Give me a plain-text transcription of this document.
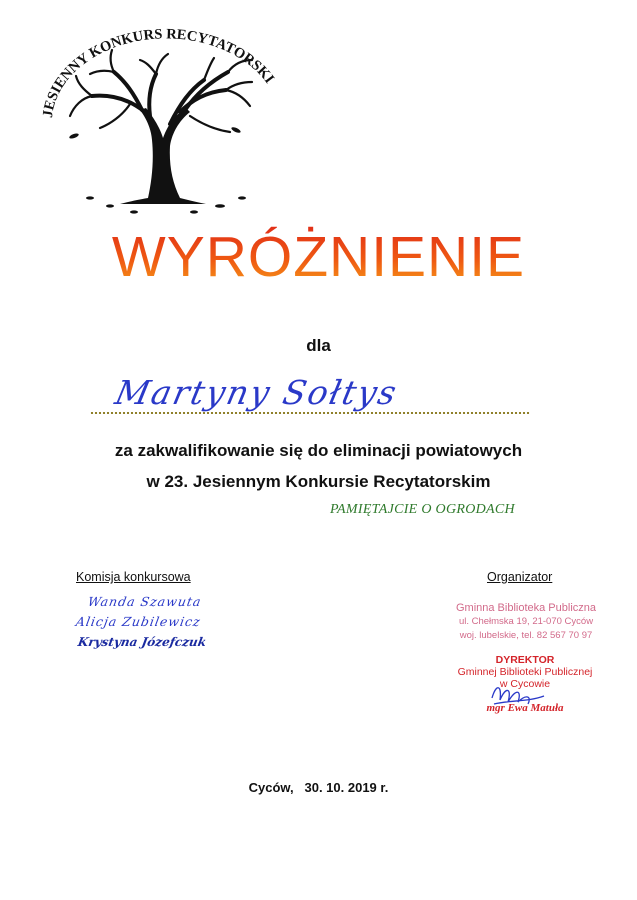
JESIENNY KONKURS RECYTATORSKI
WYRÓŻNIENIE
dla
Martyny Sołtys
za zakwalifikowanie się do eliminacji powiatowych
w 23. Jesiennym Konkursie Recytatorskim
PAMIĘTAJCIE O OGRODACH
Komisja konkursowa	Organizator
Wanda Szawuta
Alicja Zubilewicz
Krystyna Józefczuk
Gminna Biblioteka Publiczna
ul. Chełmska 19, 21-070 Cyców
woj. lubelskie, tel. 82 567 70 97
DYREKTOR
Gminnej Biblioteki Publicznej
w Cycowie
mgr Ewa Matuła
Cyców, 30. 10. 2019 r.
